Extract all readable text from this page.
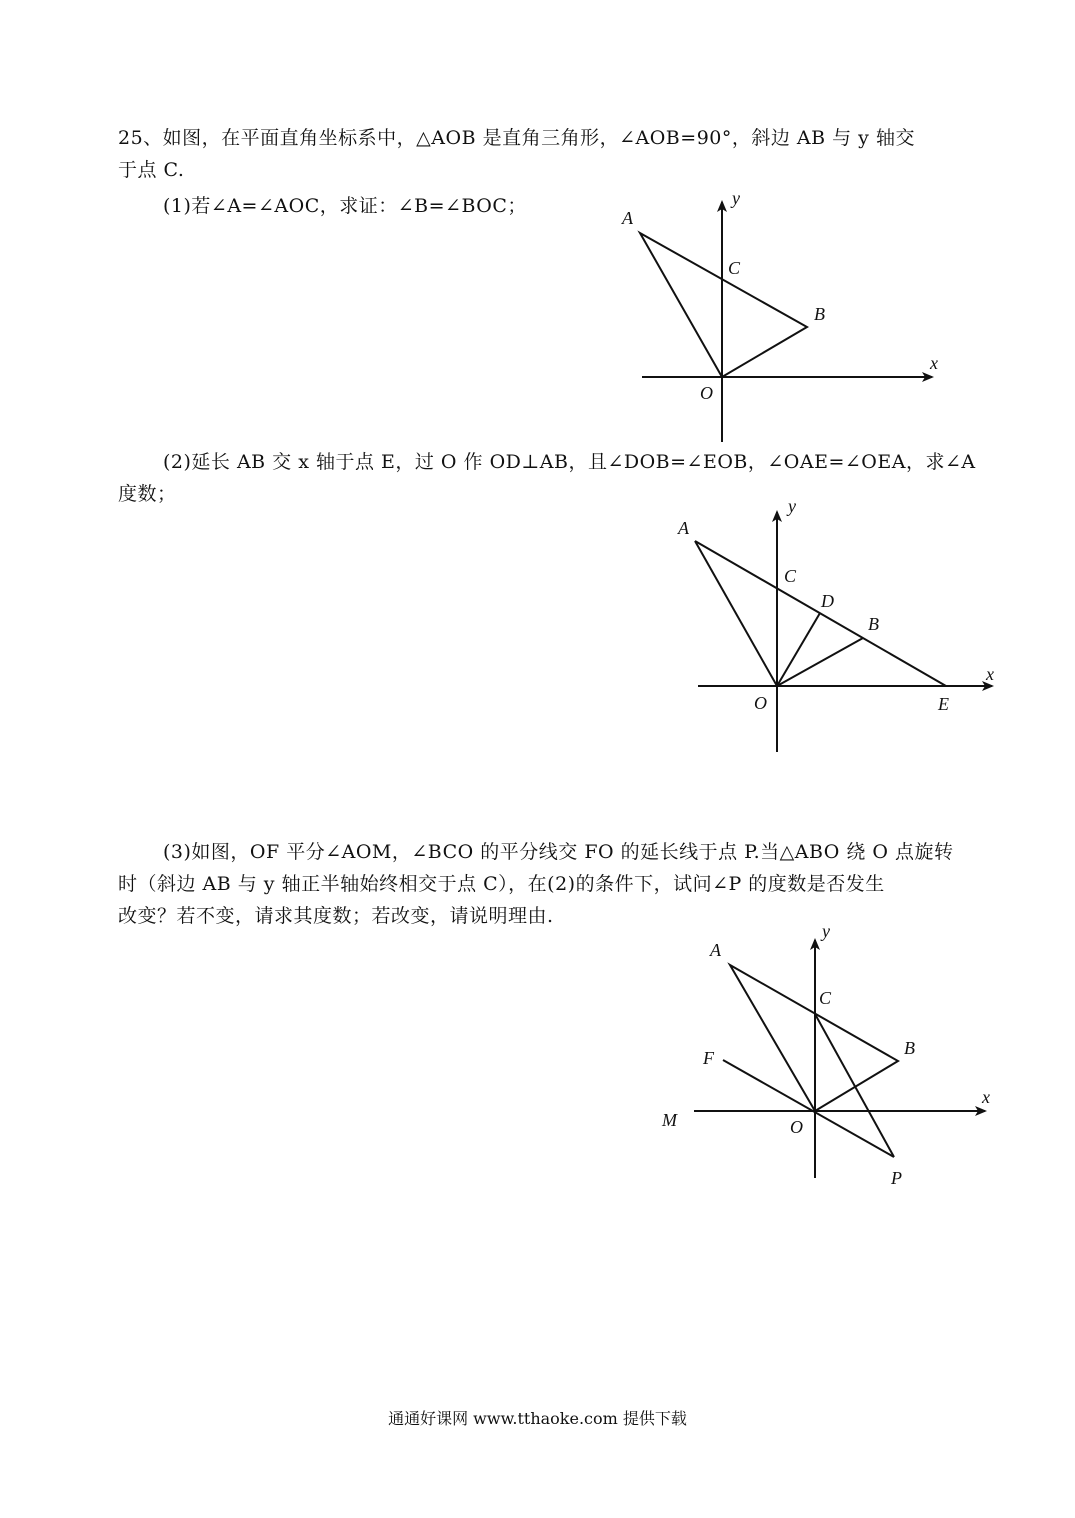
25、如图，在平面直角坐标系中，△AOB 是直角三角形，∠AOB=90°，斜边 AB 与 y 轴交
于点 C.
(1)若∠A=∠AOC，求证：∠B=∠BOC；
A
C
B
O
x
y
(2)延长 AB 交 x 轴于点 E，过 O 作 OD⊥AB，且∠DOB=∠EOB，∠OAE=∠OEA，求∠A
度数；
A
C
D
B
O	E
x
y
(3)如图，OF 平分∠AOM，∠BCO 的平分线交 FO 的延长线于点 P.当△ABO 绕 O 点旋转
时（斜边 AB 与 y 轴正半轴始终相交于点 C），在(2)的条件下，试问∠P 的度数是否发生
改变？若不变，请求其度数；若改变，请说明理由.
A
C
B
F
M	O
P
x
y
通通好课网 www.tthaoke.com 提供下载
